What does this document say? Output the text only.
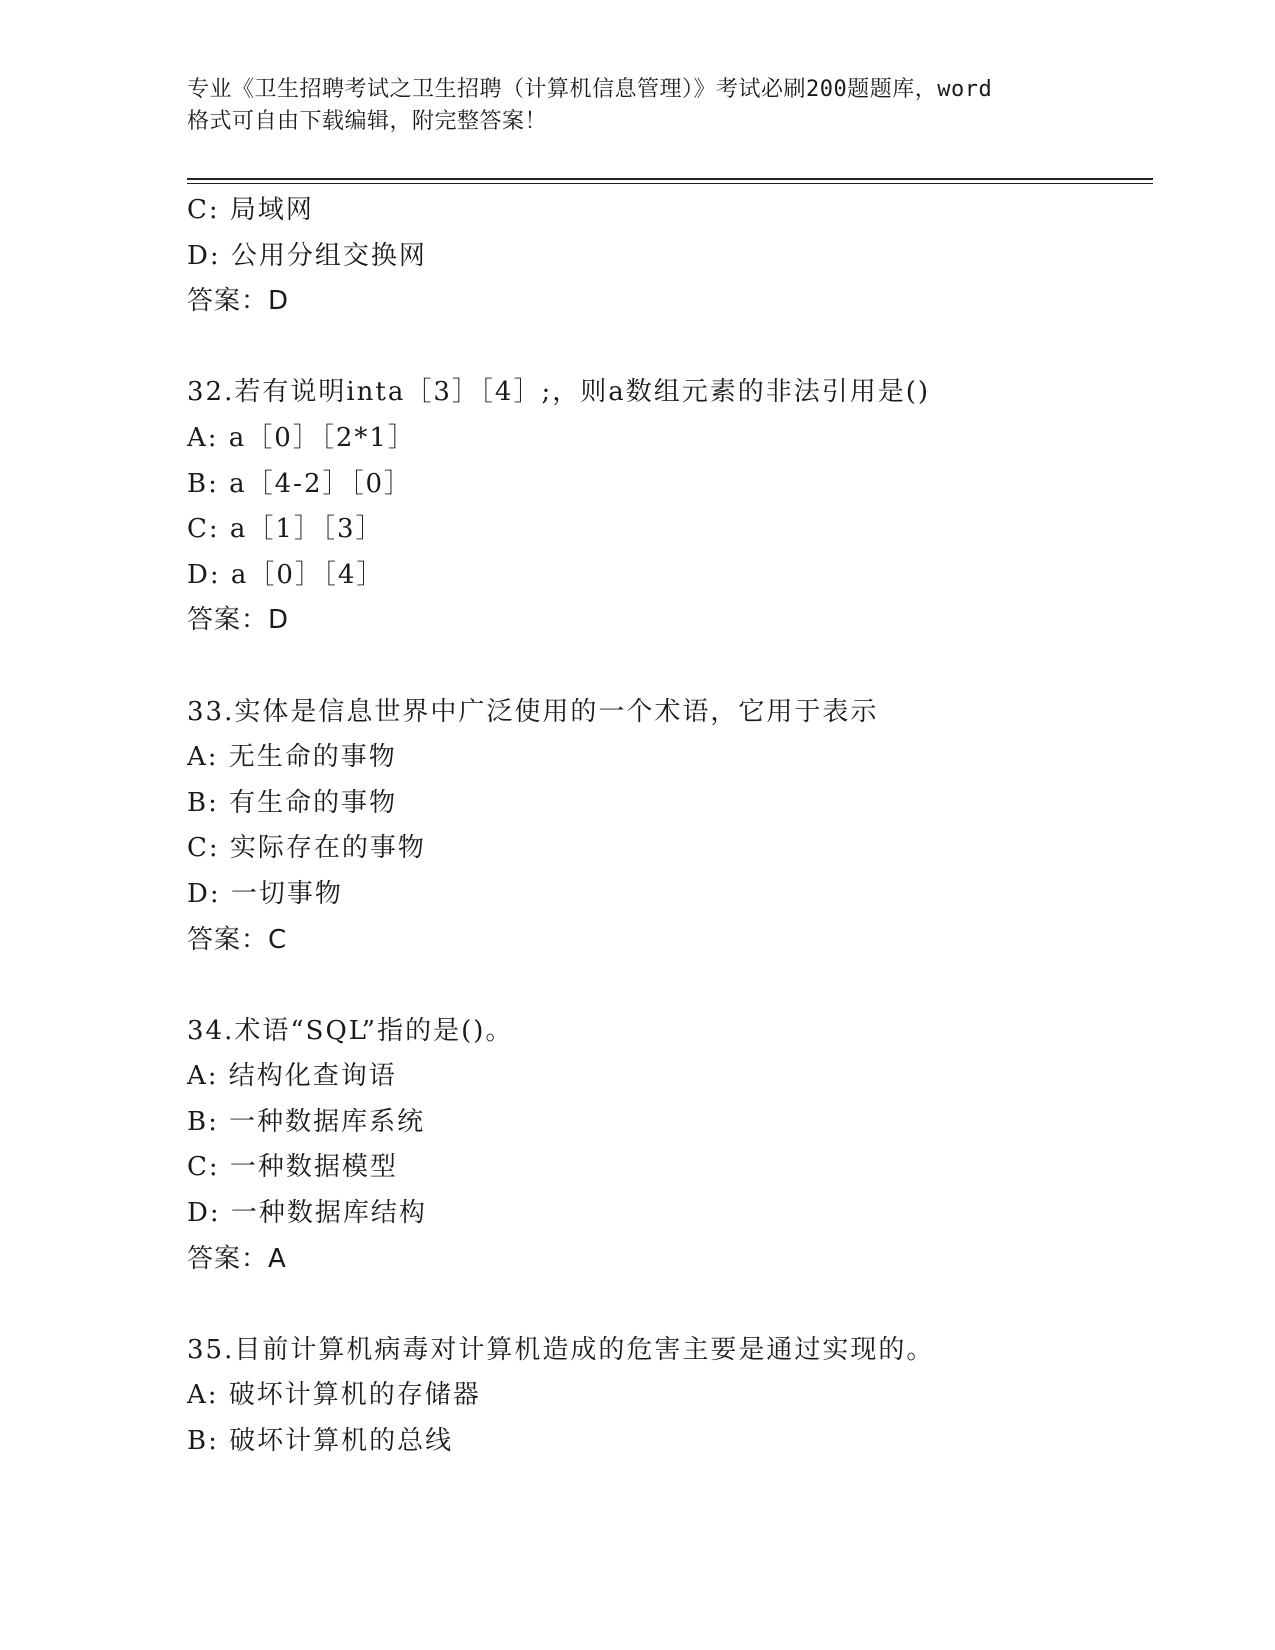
专业《卫生招聘考试之卫生招聘（计算机信息管理）》考试必刷200题题库，word
格式可自由下载编辑，附完整答案！
C: 局域网
D: 公用分组交换网
答案：D
32.若有说明inta［3］［4］;，则a数组元素的非法引用是()
A: a［0］［2*1］
B: a［4-2］［0］
C: a［1］［3］
D: a［0］［4］
答案：D
33.实体是信息世界中广泛使用的一个术语，它用于表示
A: 无生命的事物
B: 有生命的事物
C: 实际存在的事物
D: 一切事物
答案：C
34.术语“SQL”指的是()。
A: 结构化查询语
B: 一种数据库系统
C: 一种数据模型
D: 一种数据库结构
答案：A
35.目前计算机病毒对计算机造成的危害主要是通过实现的。
A: 破坏计算机的存储器
B: 破坏计算机的总线
